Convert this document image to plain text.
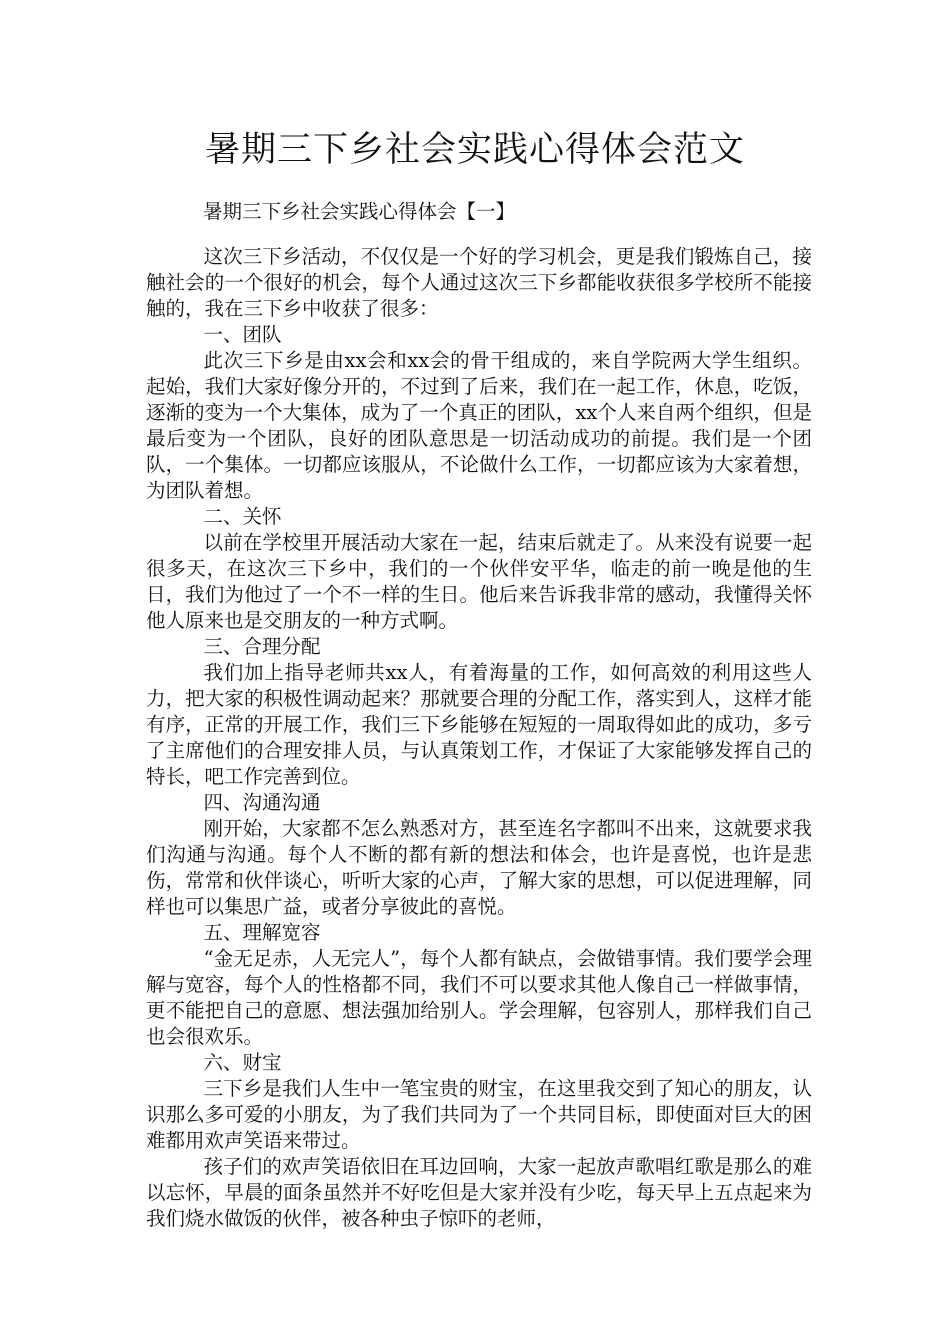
暑期三下乡社会实践心得体会范文
暑期三下乡社会实践心得体会【一】

这次三下乡活动，不仅仅是一个好的学习机会，更是我们锻炼自己，接触社会的一个很好的机会，每个人通过这次三下乡都能收获很多学校所不能接触的，我在三下乡中收获了很多：

一、团队

此次三下乡是由xx会和xx会的骨干组成的，来自学院两大学生组织。起始，我们大家好像分开的，不过到了后来，我们在一起工作，休息，吃饭，逐渐的变为一个大集体，成为了一个真正的团队，xx个人来自两个组织，但是最后变为一个团队，良好的团队意思是一切活动成功的前提。我们是一个团队，一个集体。一切都应该服从，不论做什么工作，一切都应该为大家着想，为团队着想。

二、关怀

以前在学校里开展活动大家在一起，结束后就走了。从来没有说要一起很多天，在这次三下乡中，我们的一个伙伴安平华，临走的前一晚是他的生日，我们为他过了一个不一样的生日。他后来告诉我非常的感动，我懂得关怀他人原来也是交朋友的一种方式啊。

三、合理分配

我们加上指导老师共xx人，有着海量的工作，如何高效的利用这些人力，把大家的积极性调动起来？那就要合理的分配工作，落实到人，这样才能有序，正常的开展工作，我们三下乡能够在短短的一周取得如此的成功，多亏了主席他们的合理安排人员，与认真策划工作，才保证了大家能够发挥自己的特长，吧工作完善到位。

四、沟通沟通

刚开始，大家都不怎么熟悉对方，甚至连名字都叫不出来，这就要求我们沟通与沟通。每个人不断的都有新的想法和体会，也许是喜悦，也许是悲伤，常常和伙伴谈心，听听大家的心声，了解大家的思想，可以促进理解，同样也可以集思广益，或者分享彼此的喜悦。

五、理解宽容

“金无足赤，人无完人”，每个人都有缺点，会做错事情。我们要学会理解与宽容，每个人的性格都不同，我们不可以要求其他人像自己一样做事情，更不能把自己的意愿、想法强加给别人。学会理解，包容别人，那样我们自己也会很欢乐。

六、财宝

三下乡是我们人生中一笔宝贵的财宝，在这里我交到了知心的朋友，认识那么多可爱的小朋友，为了我们共同为了一个共同目标，即使面对巨大的困难都用欢声笑语来带过。

孩子们的欢声笑语依旧在耳边回响，大家一起放声歌唱红歌是那么的难以忘怀，早晨的面条虽然并不好吃但是大家并没有少吃，每天早上五点起来为我们烧水做饭的伙伴，被各种虫子惊吓的老师，
